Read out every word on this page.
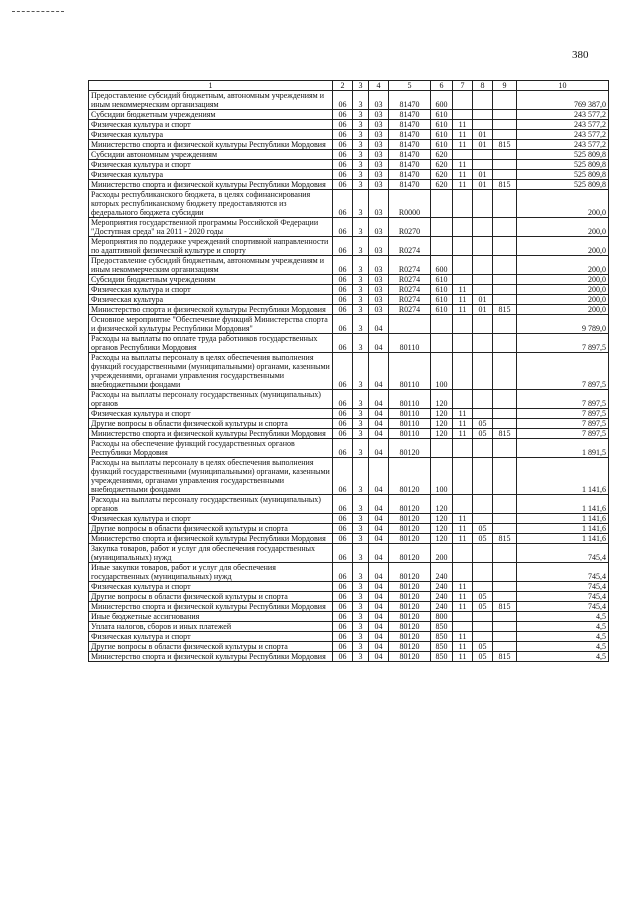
380
1	2	3	4	5	6	7	8	9	10
Предоставление субсидий бюджетным, автономным учреждениям и иным некоммерческим организациям	06	3	03	81470	600				769 387,0
Субсидии бюджетным учреждениям	06	3	03	81470	610				243 577,2
Физическая культура и спорт	06	3	03	81470	610	11			243 577,2
Физическая культура	06	3	03	81470	610	11	01		243 577,2
Министерство спорта и физической культуры Республики Мордовия	06	3	03	81470	610	11	01	815	243 577,2
Субсидии автономным учреждениям	06	3	03	81470	620				525 809,8
Физическая культура и спорт	06	3	03	81470	620	11			525 809,8
Физическая культура	06	3	03	81470	620	11	01		525 809,8
Министерство спорта и физической культуры Республики Мордовия	06	3	03	81470	620	11	01	815	525 809,8
Расходы республиканского бюджета, в целях софинансирования которых республиканскому бюджету предоставляются из федерального бюджета субсидии	06	3	03	R0000					200,0
Мероприятия государственной программы Российской Федерации "Доступная среда" на 2011 - 2020 годы	06	3	03	R0270					200,0
Мероприятия по поддержке учреждений спортивной направленности по адаптивной физической культуре и спорту	06	3	03	R0274					200,0
Предоставление субсидий бюджетным, автономным учреждениям и иным некоммерческим организациям	06	3	03	R0274	600				200,0
Субсидии бюджетным учреждениям	06	3	03	R0274	610				200,0
Физическая культура и спорт	06	3	03	R0274	610	11			200,0
Физическая культура	06	3	03	R0274	610	11	01		200,0
Министерство спорта и физической культуры Республики Мордовия	06	3	03	R0274	610	11	01	815	200,0
Основное мероприятие "Обеспечение функций Министерства спорта и физической культуры Республики Мордовия"	06	3	04						9 789,0
Расходы на выплаты по оплате труда работников государственных органов Республики Мордовия	06	3	04	80110					7 897,5
Расходы на выплаты персоналу в целях обеспечения выполнения функций государственными (муниципальными) органами, казенными учреждениями, органами управления государственными внебюджетными фондами	06	3	04	80110	100				7 897,5
Расходы на выплаты персоналу государственных (муниципальных) органов	06	3	04	80110	120				7 897,5
Физическая культура и спорт	06	3	04	80110	120	11			7 897,5
Другие вопросы в области физической культуры и спорта	06	3	04	80110	120	11	05		7 897,5
Министерство спорта и физической культуры Республики Мордовия	06	3	04	80110	120	11	05	815	7 897,5
Расходы на обеспечение функций государственных органов Республики Мордовия	06	3	04	80120					1 891,5
Расходы на выплаты персоналу в целях обеспечения выполнения функций государственными (муниципальными) органами, казенными учреждениями, органами управления государственными внебюджетными фондами	06	3	04	80120	100				1 141,6
Расходы на выплаты персоналу государственных (муниципальных) органов	06	3	04	80120	120				1 141,6
Физическая культура и спорт	06	3	04	80120	120	11			1 141,6
Другие вопросы в области физической культуры и спорта	06	3	04	80120	120	11	05		1 141,6
Министерство спорта и физической культуры Республики Мордовия	06	3	04	80120	120	11	05	815	1 141,6
Закупка товаров, работ и услуг для обеспечения государственных (муниципальных) нужд	06	3	04	80120	200				745,4
Иные закупки товаров, работ и услуг для обеспечения государственных (муниципальных) нужд	06	3	04	80120	240				745,4
Физическая культура и спорт	06	3	04	80120	240	11			745,4
Другие вопросы в области физической культуры и спорта	06	3	04	80120	240	11	05		745,4
Министерство спорта и физической культуры Республики Мордовия	06	3	04	80120	240	11	05	815	745,4
Иные бюджетные ассигнования	06	3	04	80120	800				4,5
Уплата налогов, сборов и иных платежей	06	3	04	80120	850				4,5
Физическая культура и спорт	06	3	04	80120	850	11			4,5
Другие вопросы в области физической культуры и спорта	06	3	04	80120	850	11	05		4,5
Министерство спорта и физической культуры Республики Мордовия	06	3	04	80120	850	11	05	815	4,5
